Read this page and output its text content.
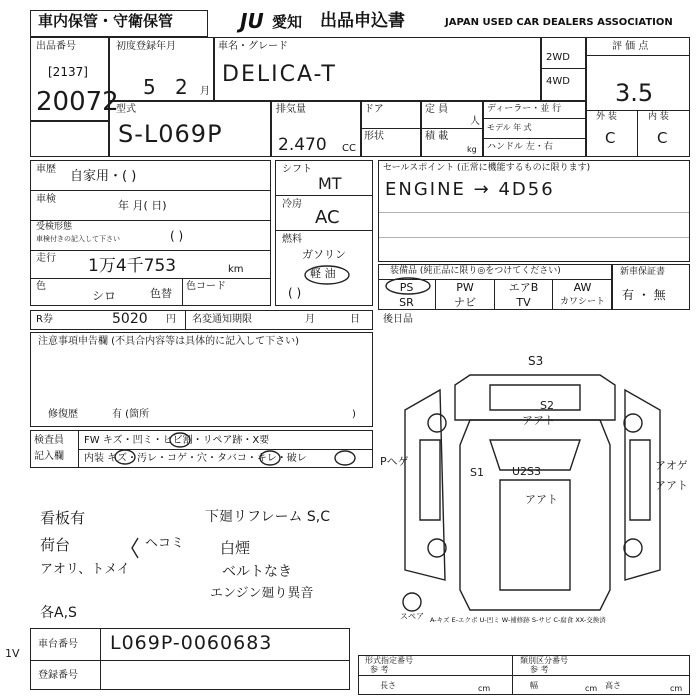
車内保管・守衛保管	JU 愛知 出品申込書	JAPAN USED CAR DEALERS ASSOCIATION
出品番号
[2137]
20072
初度登録年月
5 2 月
車名・グレード
DELICA-T
2WD
4WD
評 価 点
3.5
型式
S-L069P
排気量
2.470 CC
ドア
形状
定 員
人
積 載
kg
ディーラー・並 行
モデル 年 式
ハンドル 左・右
外 装	内 装
C	C
車歴 自家用・( )
車検	年 月( 日)
受検形態
車検付きの記入して下さい	( )
走行 1万4千753	km
色
シロ	色替
色コード
シフト
MT
冷房
AC
燃料
ガソリン
軽 油
( )
セールスポイント (正常に機能するものに限ります)
ENGINE → 4D56
装備品 (純正品に限り◎をつけてください)
PS	PW	エアB	AW
SR	ナビ	TV	カワシート
新車保証書
有 ・ 無
R券	5020 円 名変通知期限	月	日 後日品
注意事項申告欄 (不具合内容等は具体的に記入して下さい)
修復歴	有 (箇所	)
検査員
記入欄
FW キズ・凹ミ・ヒビ割・リペア跡・X要
内装 キズ・汚レ・コゲ・穴・タバコ・キレ・破レ
看板有
荷台	ヘコミ
アオリ、トメイ
各A,S
下廻リフレーム S,C
白煙
ベルトなき
エンジン廻り異音
S3
S2
アアト
Pヘゲ
S1	U2S3
アアト
アオゲ
アアト
スペア A-キズ E-エクボ U-凹ミ W-補修跡 S-サビ C-腐食 XX-交換済
車台番号 L069P-0060683
1V
登録番号
形式指定番号
参 考
類別区分番号
参 考
長さ	cm	幅	cm 高さ	cm
